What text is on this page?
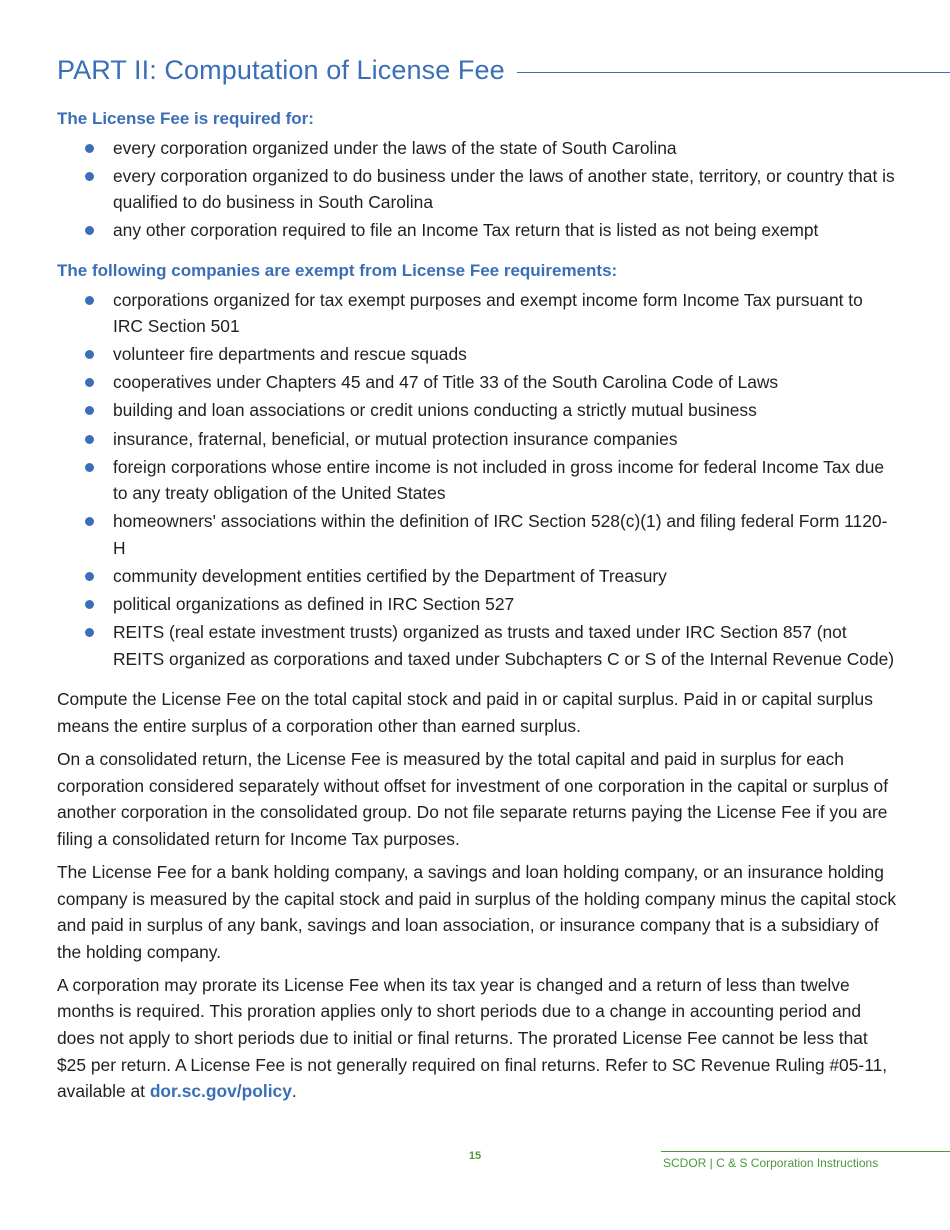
PART II: Computation of License Fee
The License Fee is required for:
every corporation organized under the laws of the state of South Carolina
every corporation organized to do business under the laws of another state, territory, or country that is qualified to do business in South Carolina
any other corporation required to file an Income Tax return that is listed as not being exempt
The following companies are exempt from License Fee requirements:
corporations organized for tax exempt purposes and exempt income form Income Tax pursuant to IRC Section 501
volunteer fire departments and rescue squads
cooperatives under Chapters 45 and 47 of Title 33 of the South Carolina Code of Laws
building and loan associations or credit unions conducting a strictly mutual business
insurance, fraternal, beneficial, or mutual protection insurance companies
foreign corporations whose entire income is not included in gross income for federal Income Tax due to any treaty obligation of the United States
homeowners' associations within the definition of IRC Section 528(c)(1) and filing federal Form 1120-H
community development entities certified by the Department of Treasury
political organizations as defined in IRC Section 527
REITS (real estate investment trusts) organized as trusts and taxed under IRC Section 857 (not REITS organized as corporations and taxed under Subchapters C or S of the Internal Revenue Code)

Compute the License Fee on the total capital stock and paid in or capital surplus. Paid in or capital surplus means the entire surplus of a corporation other than earned surplus.

On a consolidated return, the License Fee is measured by the total capital and paid in surplus for each corporation considered separately without offset for investment of one corporation in the capital or surplus of another corporation in the consolidated group. Do not file separate returns paying the License Fee if you are filing a consolidated return for Income Tax purposes.

The License Fee for a bank holding company, a savings and loan holding company, or an insurance holding company is measured by the capital stock and paid in surplus of the holding company minus the capital stock and paid in surplus of any bank, savings and loan association, or insurance company that is a subsidiary of the holding company.

A corporation may prorate its License Fee when its tax year is changed and a return of less than twelve months is required. This proration applies only to short periods due to a change in accounting period and does not apply to short periods due to initial or final returns. The prorated License Fee cannot be less that $25 per return. A License Fee is not generally required on final returns. Refer to SC Revenue Ruling #05-11, available at dor.sc.gov/policy.

15	SCDOR | C & S Corporation Instructions
